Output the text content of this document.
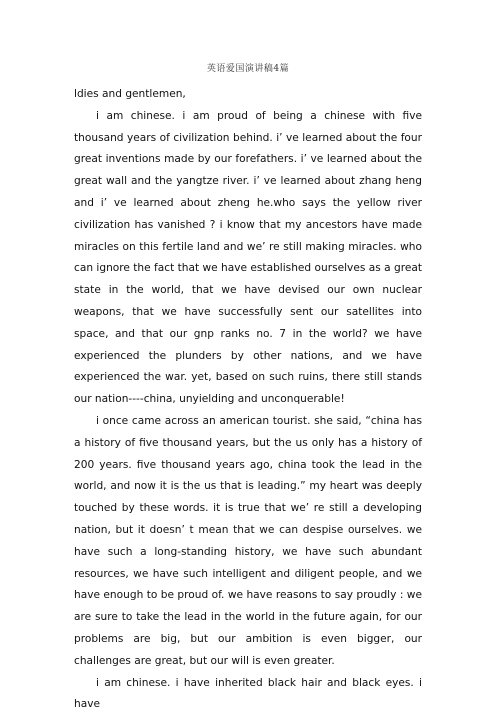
英语爱国演讲稿4篇

ldies and gentlemen,

i am chinese. i am proud of being a chinese with five thousand years of civilization behind. i’ ve learned about the four great inventions made by our forefathers. i’ ve learned about the great wall and the yangtze river. i’ ve learned about zhang heng and i’ ve learned about zheng he.who says the yellow river civilization has vanished ? i know that my ancestors have made miracles on this fertile land and we’ re still making miracles. who can ignore the fact that we have established ourselves as a great state in the world, that we have devised our own nuclear weapons, that we have successfully sent our satellites into space, and that our gnp ranks no. 7 in the world? we have experienced the plunders by other nations, and we have experienced the war. yet, based on such ruins, there still stands our nation----china, unyielding and unconquerable!

i once came across an american tourist. she said, “china has a history of five thousand years, but the us only has a history of 200 years. five thousand years ago, china took the lead in the world, and now it is the us that is leading.” my heart was deeply touched by these words. it is true that we’ re still a developing nation, but it doesn’ t mean that we can despise ourselves. we have such a long-standing history, we have such abundant resources, we have such intelligent and diligent people, and we have enough to be proud of. we have reasons to say proudly : we are sure to take the lead in the world in the future again, for our problems are big, but our ambition is even bigger, our challenges are great, but our will is even greater.

i am chinese. i have inherited black hair and black eyes. i have
